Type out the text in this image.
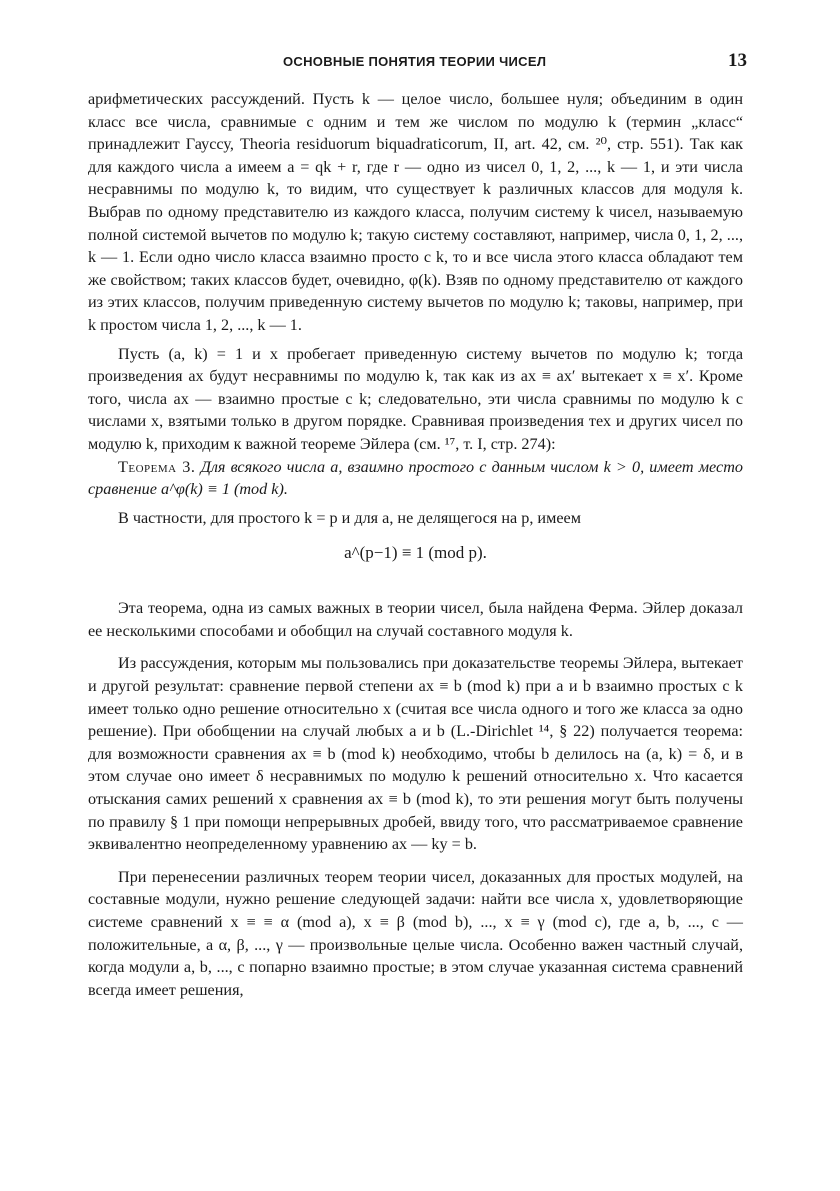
ОСНОВНЫЕ ПОНЯТИЯ ТЕОРИИ ЧИСЕЛ	13

арифметических рассуждений. Пусть k — целое число, большее нуля; объединим в один класс все числа, сравнимые с одним и тем же числом по модулю k (термин „класс“ принадлежит Гауссу, Theoria residuorum biquadraticorum, II, art. 42, см. ²⁰, стр. 551). Так как для каждого числа a имеем a = qk + r, где r — одно из чисел 0, 1, 2, ..., k — 1, и эти числа несравнимы по модулю k, то видим, что существует k различных классов для модуля k. Выбрав по одному представителю из каждого класса, получим систему k чисел, называемую полной системой вычетов по модулю k; такую систему составляют, например, числа 0, 1, 2, ..., k — 1. Если одно число класса взаимно просто с k, то и все числа этого класса обладают тем же свойством; таких классов будет, очевидно, φ(k). Взяв по одному представителю от каждого из этих классов, получим приведенную систему вычетов по модулю k; таковы, например, при k простом числа 1, 2, ..., k — 1.

Пусть (a, k) = 1 и x пробегает приведенную систему вычетов по модулю k; тогда произведения ax будут несравнимы по модулю k, так как из ax ≡ ax′ вытекает x ≡ x′. Кроме того, числа ax — взаимно простые с k; следовательно, эти числа сравнимы по модулю k с числами x, взятыми только в другом порядке. Сравнивая произведения тех и других чисел по модулю k, приходим к важной теореме Эйлера (см. ¹⁷, т. I, стр. 274):

Теорема 3. Для всякого числа a, взаимно простого с данным числом k > 0, имеет место сравнение a^φ(k) ≡ 1 (mod k).

В частности, для простого k = p и для a, не делящегося на p, имеем

a^(p−1) ≡ 1 (mod p).

Эта теорема, одна из самых важных в теории чисел, была найдена Ферма. Эйлер доказал ее несколькими способами и обобщил на случай составного модуля k.

Из рассуждения, которым мы пользовались при доказательстве теоремы Эйлера, вытекает и другой результат: сравнение первой степени ax ≡ b (mod k) при a и b взаимно простых с k имеет только одно решение относительно x (считая все числа одного и того же класса за одно решение). При обобщении на случай любых a и b (L.-Dirichlet ¹⁴, § 22) получается теорема: для возможности сравнения ax ≡ b (mod k) необходимо, чтобы b делилось на (a, k) = δ, и в этом случае оно имеет δ несравнимых по модулю k решений относительно x. Что касается отыскания самих решений x сравнения ax ≡ b (mod k), то эти решения могут быть получены по правилу § 1 при помощи непрерывных дробей, ввиду того, что рассматриваемое сравнение эквивалентно неопределенному уравнению ax — ky = b.

При перенесении различных теорем теории чисел, доказанных для простых модулей, на составные модули, нужно решение следующей задачи: найти все числа x, удовлетворяющие системе сравнений x ≡ ≡ α (mod a), x ≡ β (mod b), ..., x ≡ γ (mod c), где a, b, ..., c — положительные, а α, β, ..., γ — произвольные целые числа. Особенно важен частный случай, когда модули a, b, ..., c попарно взаимно простые; в этом случае указанная система сравнений всегда имеет решения,
